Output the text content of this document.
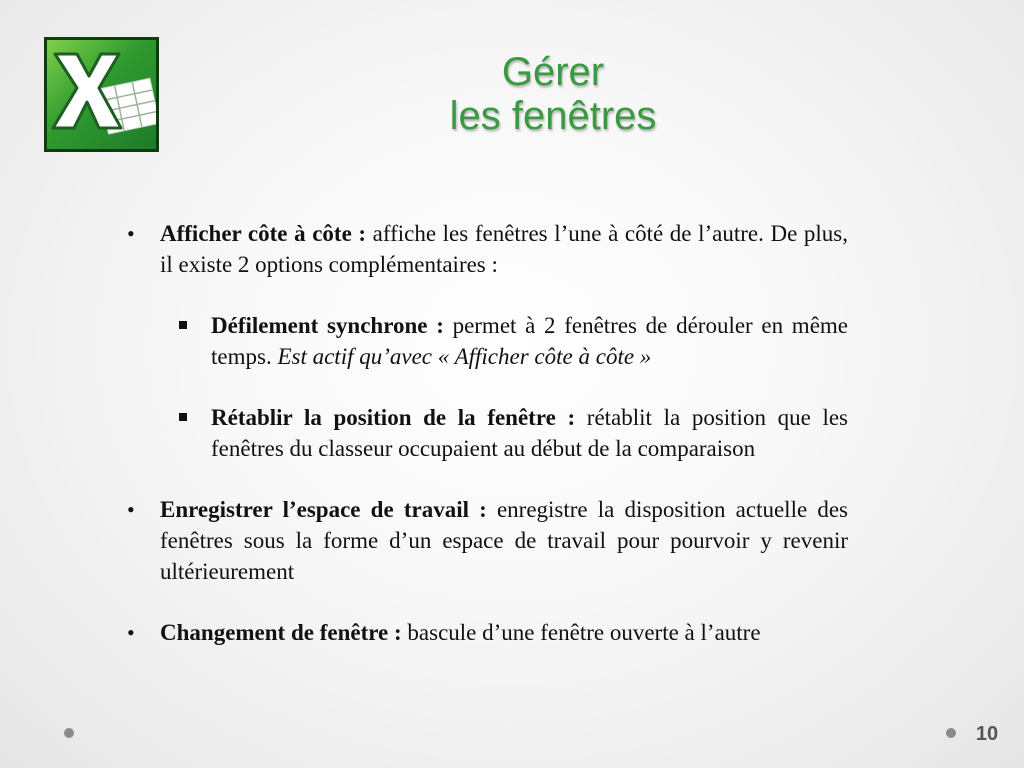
Gérer
les fenêtres
• Afficher côte à côte : affiche les fenêtres l’une à côté de l’autre. De plus, il existe 2 options complémentaires :
Défilement synchrone : permet à 2 fenêtres de dérouler en même temps. Est actif qu’avec « Afficher côte à côte »
Rétablir la position de la fenêtre : rétablit la position que les fenêtres du classeur occupaient au début de la comparaison
• Enregistrer l’espace de travail : enregistre la disposition actuelle des fenêtres sous la forme d’un espace de travail pour pourvoir y revenir ultérieurement
• Changement de fenêtre : bascule d’une fenêtre ouverte à l’autre
10
